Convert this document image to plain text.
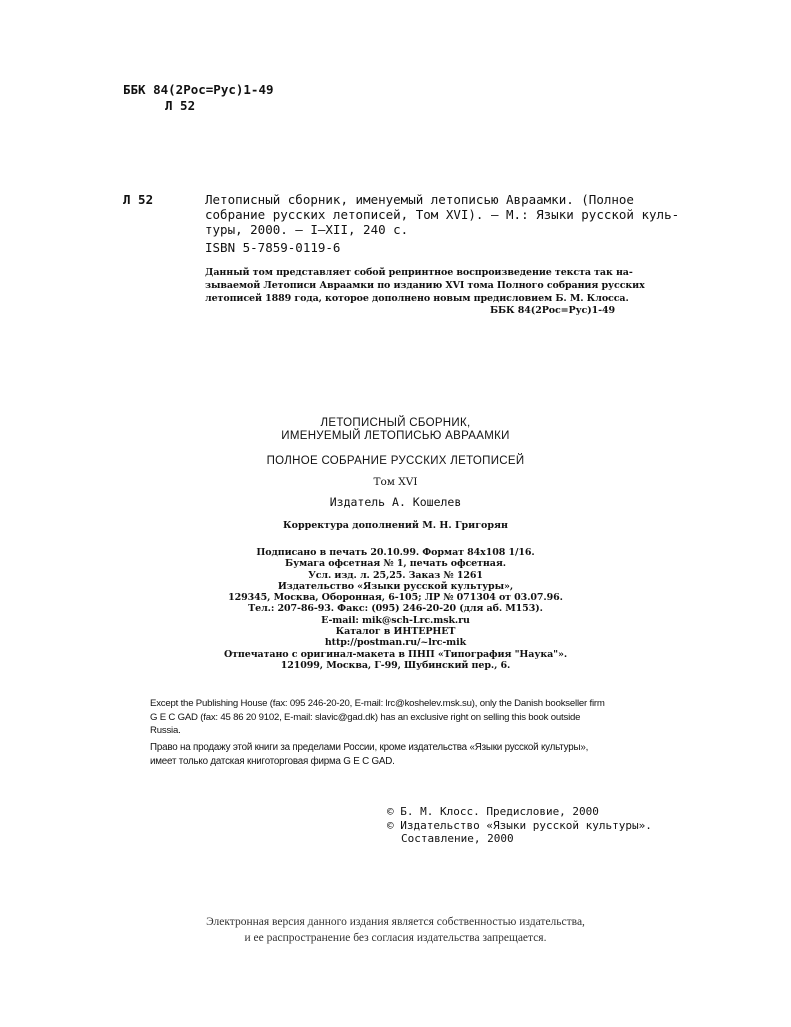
ББК 84(2Рос=Рус)1-49
Л 52
Л 52	Летописный сборник, именуемый летописью Авраамки. (Полное
собрание русских летописей, Том XVI). — М.: Языки русской куль-
туры, 2000. — I–XII, 240 с.
ISBN 5-7859-0119-6
Данный том представляет собой репринтное воспроизведение текста так на-
зываемой Летописи Авраамки по изданию XVI тома Полного собрания русских
летописей 1889 года, которое дополнено новым предисловием Б. М. Клосса.
ББК 84(2Рос=Рус)1-49
ЛЕТОПИСНЫЙ СБОРНИК,
ИМЕНУЕМЫЙ ЛЕТОПИСЬЮ АВРААМКИ
ПОЛНОЕ СОБРАНИЕ РУССКИХ ЛЕТОПИСЕЙ
Том XVI
Издатель А. Кошелев
Корректура дополнений М. Н. Григорян
Подписано в печать 20.10.99. Формат 84х108 1/16.
Бумага офсетная № 1, печать офсетная.
Усл. изд. л. 25,25. Заказ № 1261
Издательство «Языки русской культуры»,
129345, Москва, Оборонная, 6-105; ЛР № 071304 от 03.07.96.
Тел.: 207-86-93. Факс: (095) 246-20-20 (для аб. М153).
E-mail: mik@sch-Lrc.msk.ru
Каталог в ИНТЕРНЕТ
http://postman.ru/~lrc-mik
Отпечатано с оригинал-макета в ПНП «Типография "Наука"».
121099, Москва, Г-99, Шубинский пер., 6.
Except the Publishing House (fax: 095 246-20-20, E-mail: lrc@koshelev.msk.su), only the Danish bookseller firm
G E C GAD (fax: 45 86 20 9102, E-mail: slavic@gad.dk) has an exclusive right on selling this book outside
Russia.
Право на продажу этой книги за пределами России, кроме издательства «Языки русской культуры»,
имеет только датская книготорговая фирма G E C GAD.
© Б. М. Клосс. Предисловие, 2000
© Издательство «Языки русской культуры».
Составление, 2000
Электронная версия данного издания является собственностью издательства,
и ее распространение без согласия издательства запрещается.
